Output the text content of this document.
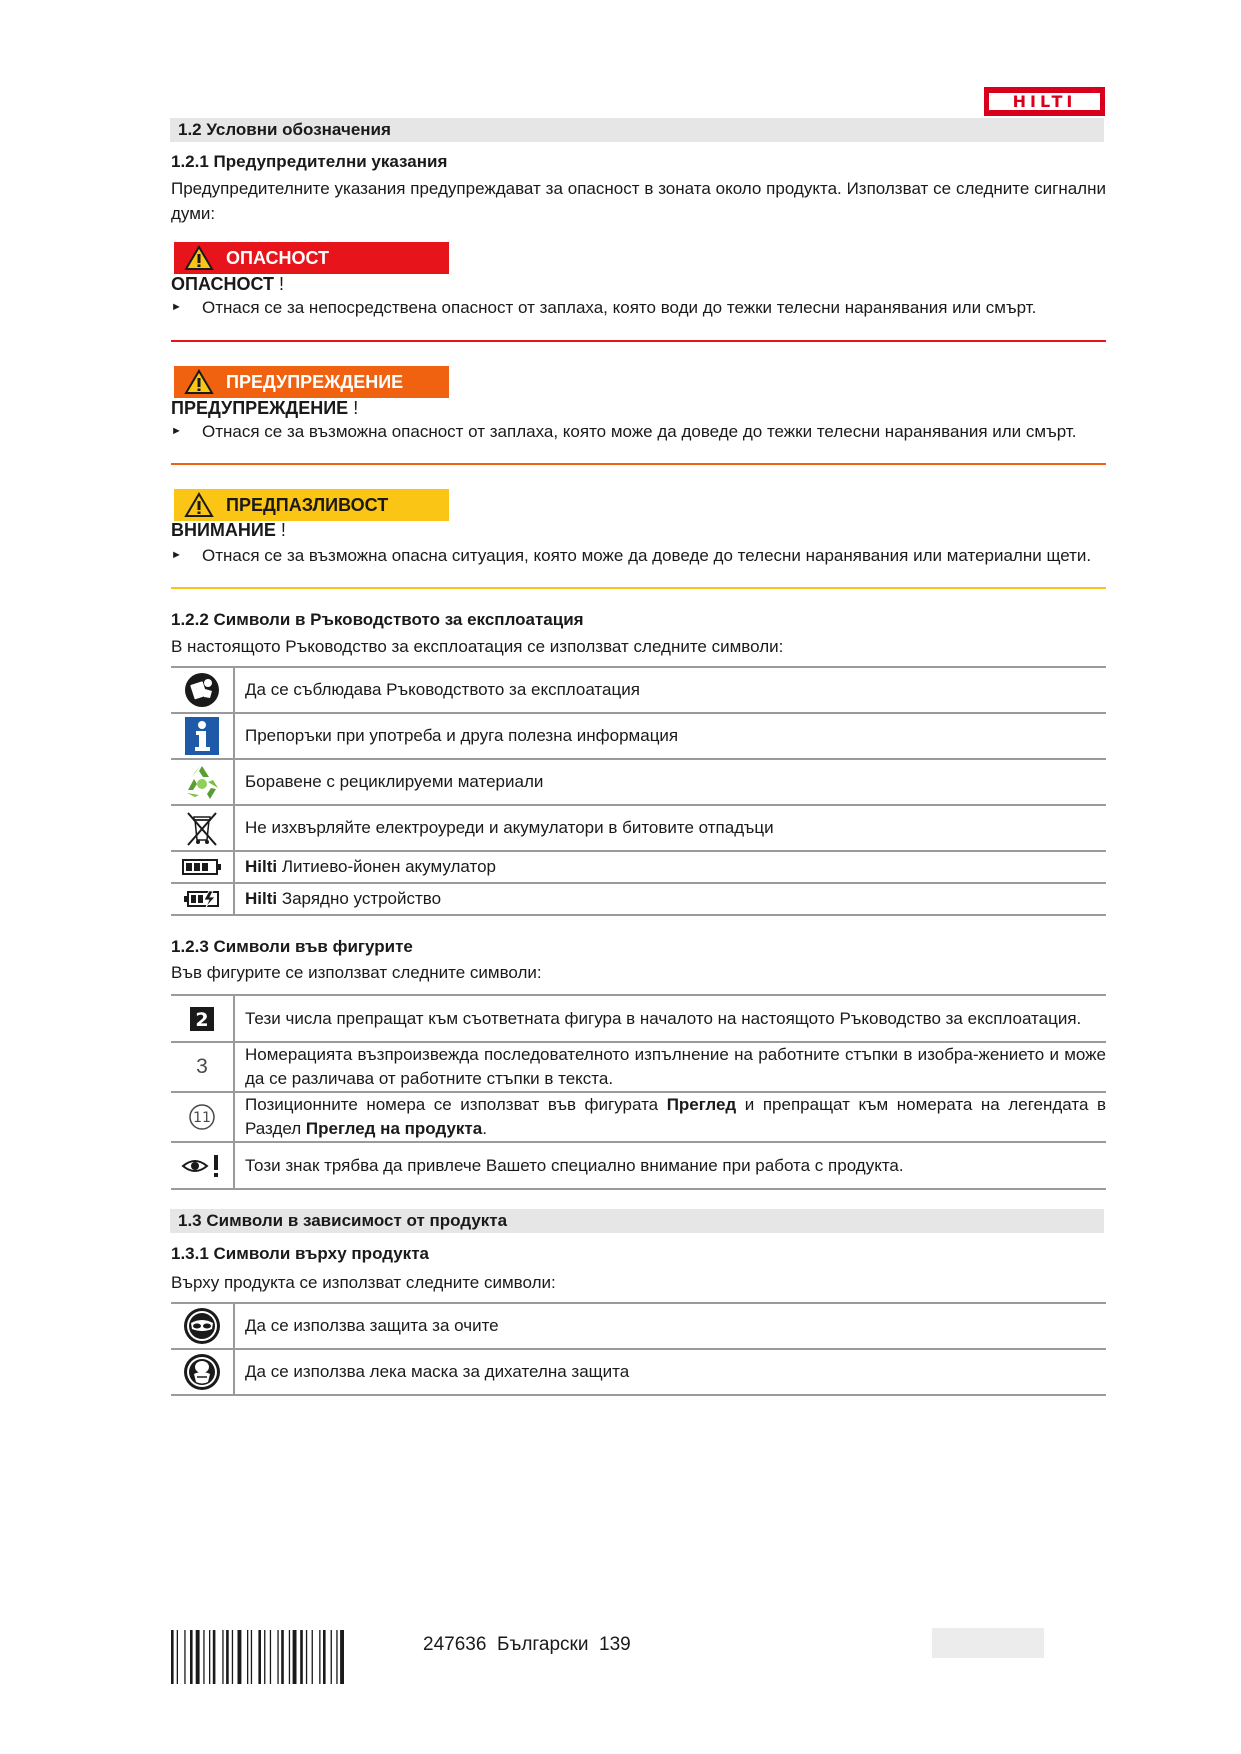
HILTI
1.2 Условни обозначения
1.2.1 Предупредителни указания
Предупредителните указания предупреждават за опасност в зоната около продукта. Използват се следните сигнални думи:
ОПАСНОСТ
ОПАСНОСТ !
► Отнася се за непосредствена опасност от заплаха, която води до тежки телесни наранявания или смърт.
ПРЕДУПРЕЖДЕНИЕ
ПРЕДУПРЕЖДЕНИЕ !
► Отнася се за възможна опасност от заплаха, която може да доведе до тежки телесни наранявания или смърт.
ПРЕДПАЗЛИВОСТ
ВНИМАНИЕ !
► Отнася се за възможна опасна ситуация, която може да доведе до телесни наранявания или материални щети.
1.2.2 Символи в Ръководството за експлоатация
В настоящото Ръководство за експлоатация се използват следните символи:
	Да се съблюдава Ръководството за експлоатация

	Препоръки при употреба и друга полезна информация

	Боравене с рециклируеми материали

	Не изхвърляйте електроуреди и акумулатори в битовите отпадъци

	Hilti Литиево-йонен акумулатор

	Hilti Зарядно устройство
1.2.3 Символи във фигурите
Във фигурите се използват следните символи:
2	Тези числа препращат към съответната фигура в началото на настоящото Ръководство за експлоатация.
3	Номерацията възпроизвежда последователното изпълнение на работните стъпки в изобра-жението и може да се различава от работните стъпки в текста.

11	Позиционните номера се използват във фигурата Преглед и препращат към номерата на легендата в Раздел Преглед на продукта.

	Този знак трябва да привлече Вашето специално внимание при работа с продукта.
1.3 Символи в зависимост от продукта
1.3.1 Символи върху продукта
Върху продукта се използват следните символи:
	Да се използва защита за очите

	Да се използва лека маска за дихателна защита
247636 Български 139
